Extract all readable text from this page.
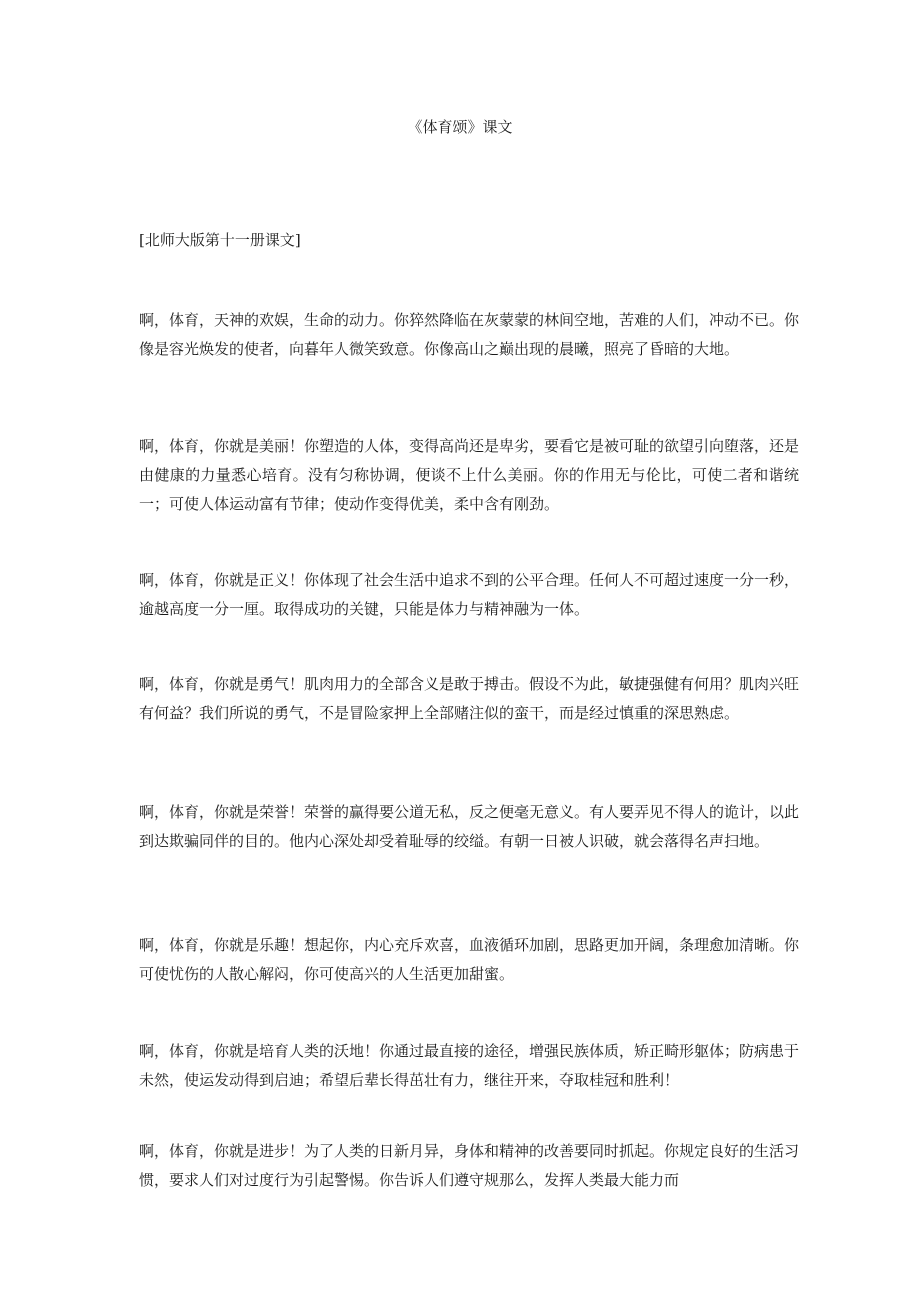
《体育颂》课文
[北师大版第十一册课文]

啊，体育，天神的欢娱，生命的动力。你猝然降临在灰蒙蒙的林间空地，苦难的人们，冲动不已。你像是容光焕发的使者，向暮年人微笑致意。你像高山之巅出现的晨曦，照亮了昏暗的大地。

啊，体育，你就是美丽！你塑造的人体，变得高尚还是卑劣，要看它是被可耻的欲望引向堕落，还是由健康的力量悉心培育。没有匀称协调，便谈不上什么美丽。你的作用无与伦比，可使二者和谐统一；可使人体运动富有节律；使动作变得优美，柔中含有刚劲。

啊，体育，你就是正义！你体现了社会生活中追求不到的公平合理。任何人不可超过速度一分一秒，逾越高度一分一厘。取得成功的关键，只能是体力与精神融为一体。

啊，体育，你就是勇气！肌肉用力的全部含义是敢于搏击。假设不为此，敏捷强健有何用？肌肉兴旺有何益？我们所说的勇气，不是冒险家押上全部赌注似的蛮干，而是经过慎重的深思熟虑。

啊，体育，你就是荣誉！荣誉的赢得要公道无私，反之便毫无意义。有人要弄见不得人的诡计，以此到达欺骗同伴的目的。他内心深处却受着耻辱的绞缢。有朝一日被人识破，就会落得名声扫地。

啊，体育，你就是乐趣！想起你，内心充斥欢喜，血液循环加剧，思路更加开阔，条理愈加清晰。你可使忧伤的人散心解闷，你可使高兴的人生活更加甜蜜。

啊，体育，你就是培育人类的沃地！你通过最直接的途径，增强民族体质，矫正畸形躯体；防病患于未然，使运发动得到启迪；希望后辈长得茁壮有力，继往开来，夺取桂冠和胜利！

啊，体育，你就是进步！为了人类的日新月异，身体和精神的改善要同时抓起。你规定良好的生活习惯，要求人们对过度行为引起警惕。你告诉人们遵守规那么，发挥人类最大能力而
